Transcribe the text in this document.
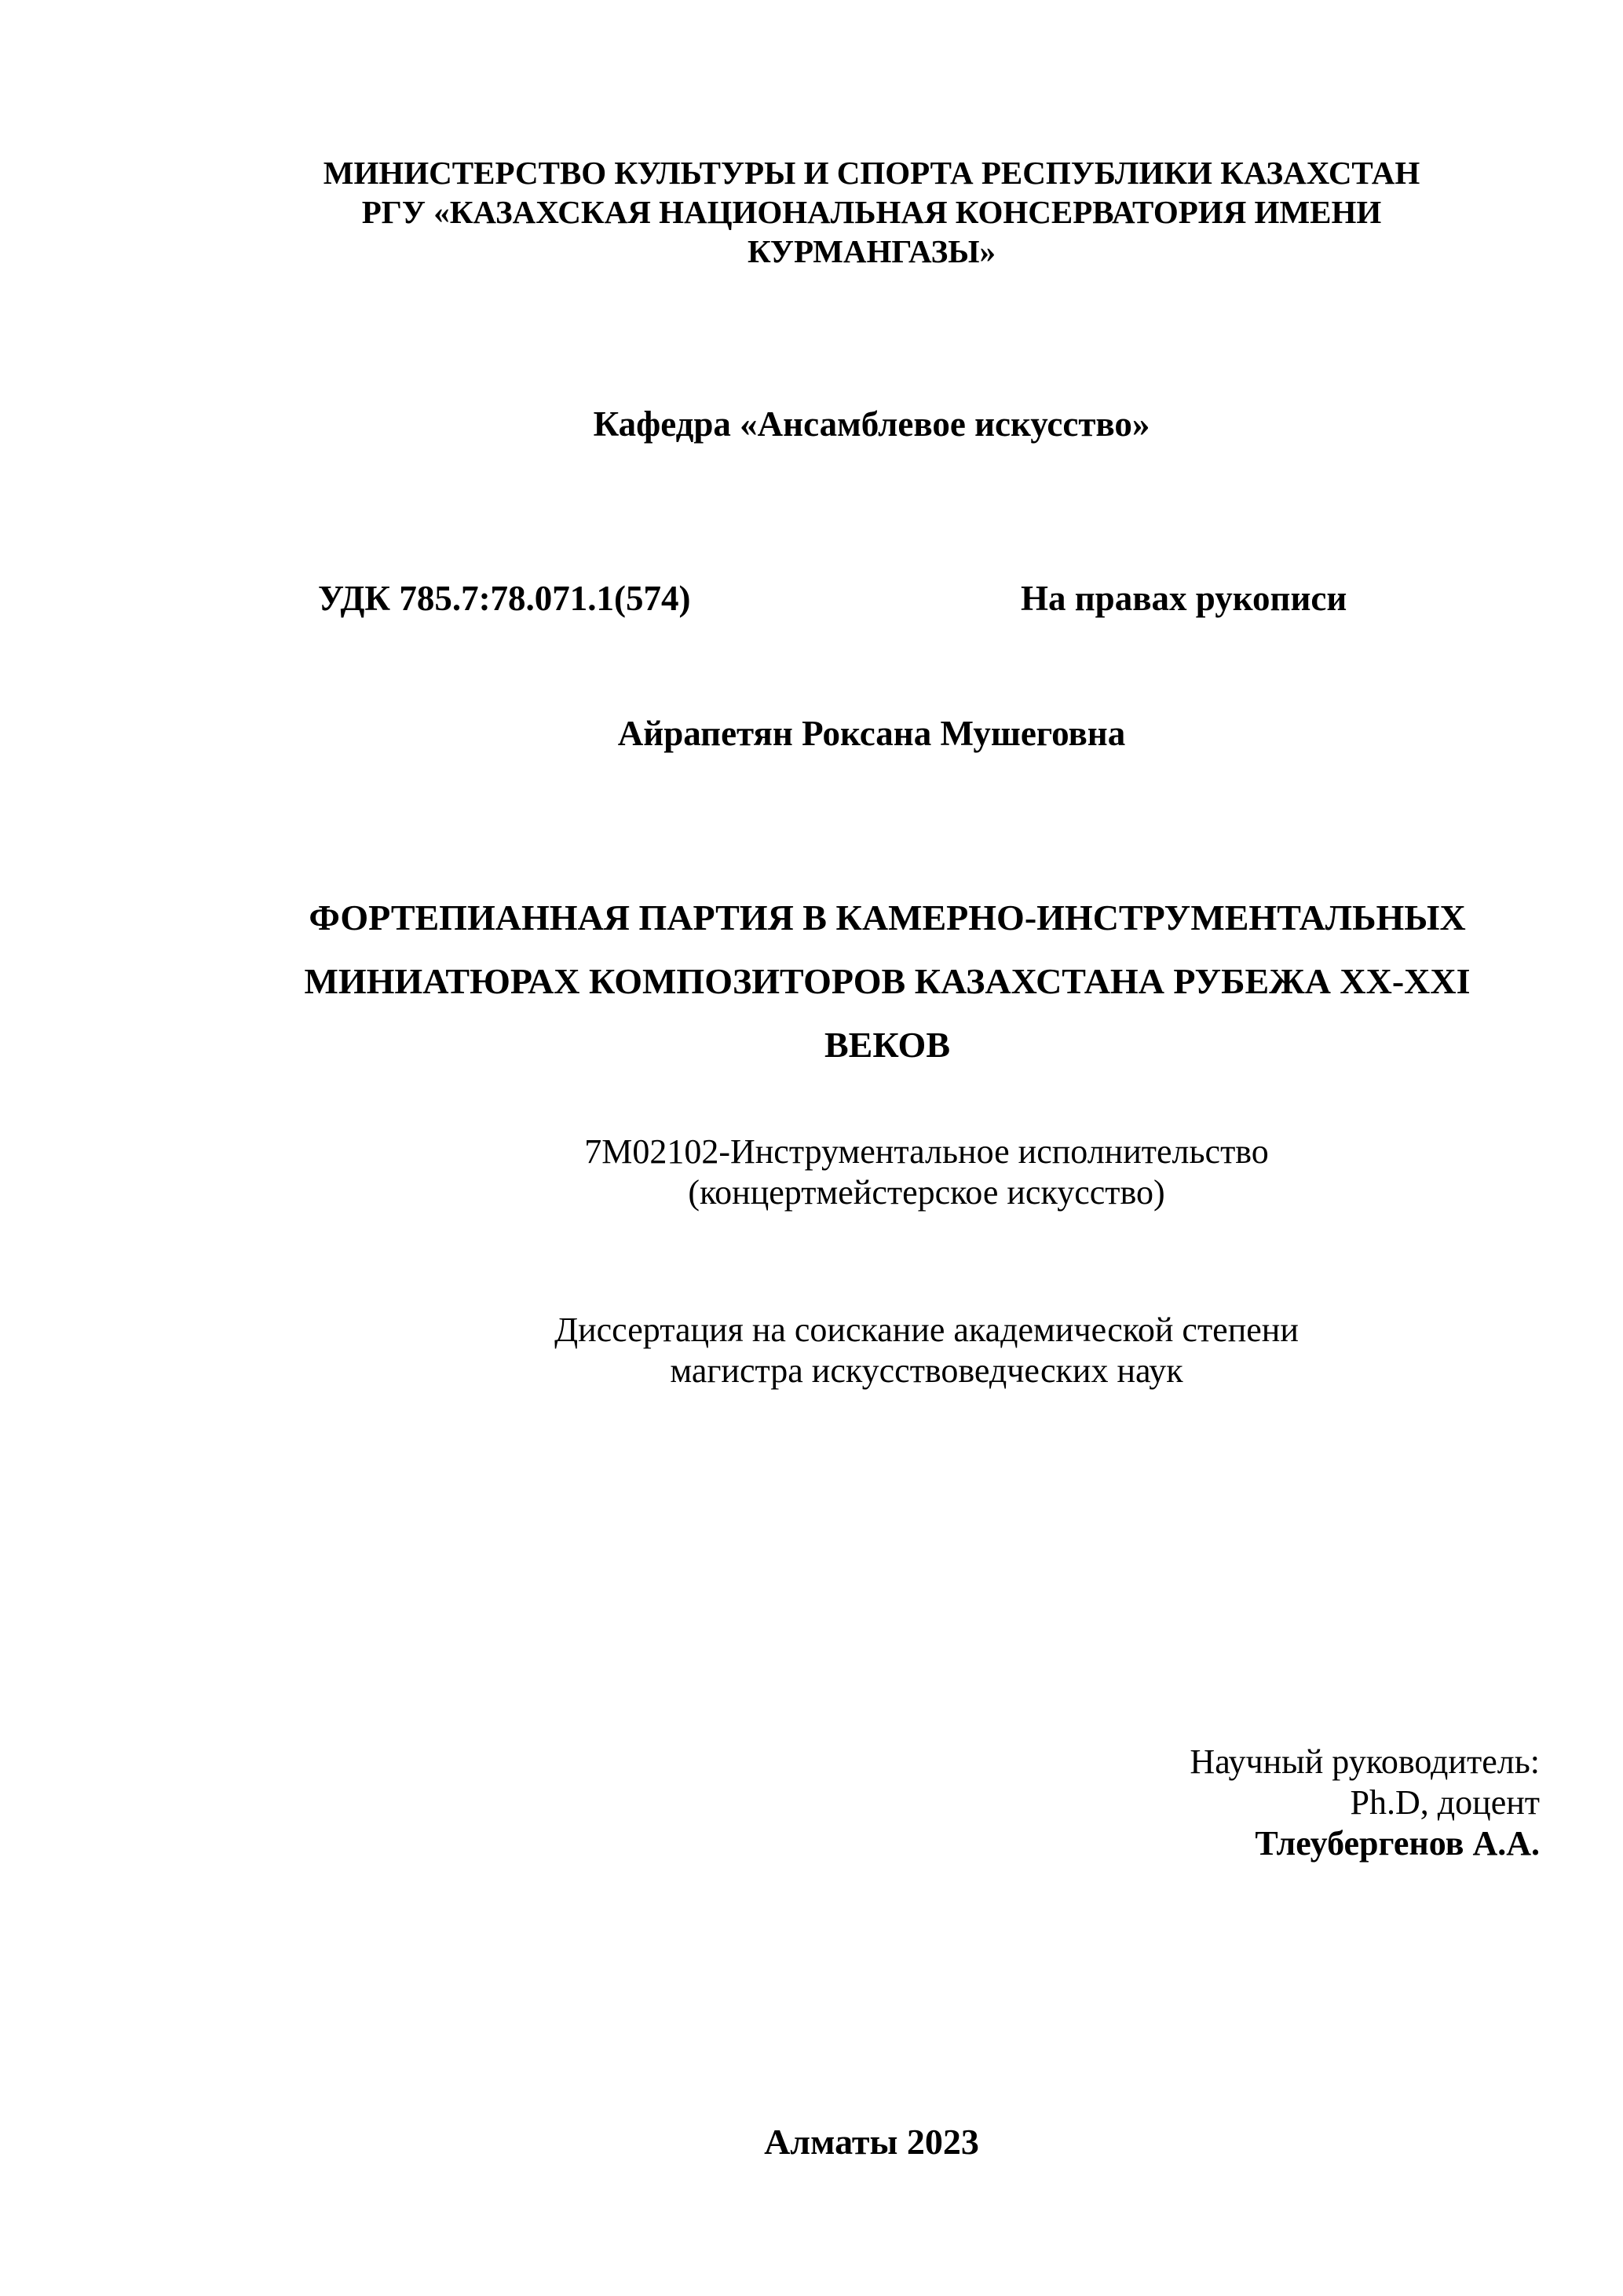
МИНИСТЕРСТВО КУЛЬТУРЫ И СПОРТА РЕСПУБЛИКИ КАЗАХСТАН
РГУ «КАЗАХСКАЯ НАЦИОНАЛЬНАЯ КОНСЕРВАТОРИЯ ИМЕНИ
КУРМАНГАЗЫ»
Кафедра «Ансамблевое искусство»
УДК 785.7:78.071.1(574)	На правах рукописи
Айрапетян Роксана Мушеговна
ФОРТЕПИАННАЯ ПАРТИЯ В КАМЕРНО-ИНСТРУМЕНТАЛЬНЫХ
МИНИАТЮРАХ КОМПОЗИТОРОВ КАЗАХСТАНА РУБЕЖА XX-XXI
ВЕКОВ
7М02102-Инструментальное исполнительство
(концертмейстерское искусство)
Диссертация на соискание академической степени
магистра искусствоведческих наук
Научный руководитель:
Ph.D, доцент
Тлеубергенов А.А.
Алматы 2023
